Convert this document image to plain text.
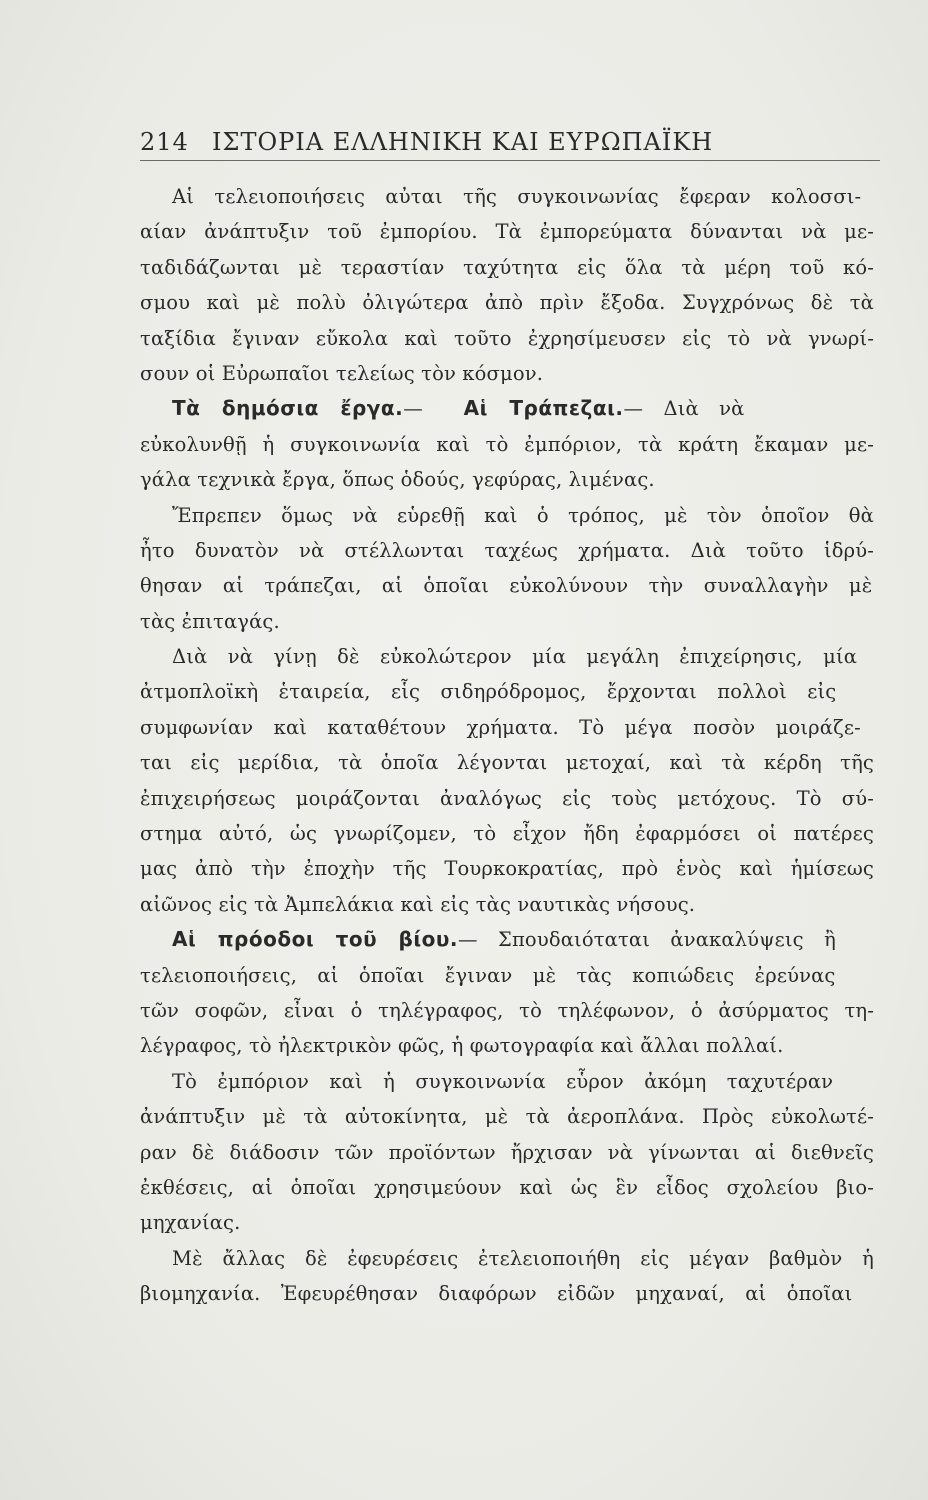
214 ΙΣΤΟΡΙΑ ΕΛΛΗΝΙΚΗ ΚΑΙ ΕΥΡΩΠΑΪΚΗ
Αἱ τελειοποιήσεις αὐται τῆς συγκοινωνίας ἔφεραν κολοσσι-
αίαν ἀνάπτυξιν τοῦ ἐμπορίου. Τὰ ἐμπορεύματα δύνανται νὰ με-
ταδιδάζωνται μὲ τεραστίαν ταχύτητα εἰς ὅλα τὰ μέρη τοῦ κό-
σμου καὶ μὲ πολὺ ὀλιγώτερα ἀπὸ πρὶν ἔξοδα. Συγχρόνως δὲ τὰ
ταξίδια ἔγιναν εὔκολα καὶ τοῦτο ἐχρησίμευσεν εἰς τὸ νὰ γνωρί-
σουν οἱ Εὐρωπαῖοι τελείως τὸν κόσμον.
Τὰ δημόσια ἔργα.— Αἱ Τράπεζαι.— Διὰ νὰ
εὐκολυνθῇ ἡ συγκοινωνία καὶ τὸ ἐμπόριον, τὰ κράτη ἔκαμαν με-
γάλα τεχνικὰ ἔργα, ὅπως ὁδούς, γεφύρας, λιμένας.
Ἔπρεπεν ὅμως νὰ εὑρεθῇ καὶ ὁ τρόπος, μὲ τὸν ὁποῖον θὰ
ἦτο δυνατὸν νὰ στέλλωνται ταχέως χρήματα. Διὰ τοῦτο ἱδρύ-
θησαν αἱ τράπεζαι, αἱ ὁποῖαι εὐκολύνουν τὴν συναλλαγὴν μὲ
τὰς ἐπιταγάς.
Διὰ νὰ γίνῃ δὲ εὐκολώτερον μία μεγάλη ἐπιχείρησις, μία
ἀτμοπλοϊκὴ ἑταιρεία, εἷς σιδηρόδρομος, ἔρχονται πολλοὶ εἰς
συμφωνίαν καὶ καταθέτουν χρήματα. Τὸ μέγα ποσὸν μοιράζε-
ται εἰς μερίδια, τὰ ὁποῖα λέγονται μετοχαί, καὶ τὰ κέρδη τῆς
ἐπιχειρήσεως μοιράζονται ἀναλόγως εἰς τοὺς μετόχους. Τὸ σύ-
στημα αὐτό, ὡς γνωρίζομεν, τὸ εἶχον ἤδη ἐφαρμόσει οἱ πατέρες
μας ἀπὸ τὴν ἐποχὴν τῆς Τουρκοκρατίας, πρὸ ἑνὸς καὶ ἡμίσεως
αἰῶνος εἰς τὰ Ἀμπελάκια καὶ εἰς τὰς ναυτικὰς νήσους.
Αἱ πρόοδοι τοῦ βίου.— Σπουδαιόταται ἀνακαλύψεις ἢ
τελειοποιήσεις, αἱ ὁποῖαι ἔγιναν μὲ τὰς κοπιώδεις ἐρεύνας
τῶν σοφῶν, εἶναι ὁ τηλέγραφος, τὸ τηλέφωνον, ὁ ἀσύρματος τη-
λέγραφος, τὸ ἠλεκτρικὸν φῶς, ἡ φωτογραφία καὶ ἄλλαι πολλαί.
Τὸ ἐμπόριον καὶ ἡ συγκοινωνία εὗρον ἀκόμη ταχυτέραν
ἀνάπτυξιν μὲ τὰ αὐτοκίνητα, μὲ τὰ ἀεροπλάνα. Πρὸς εὐκολωτέ-
ραν δὲ διάδοσιν τῶν προϊόντων ἤρχισαν νὰ γίνωνται αἱ διεθνεῖς
ἐκθέσεις, αἱ ὁποῖαι χρησιμεύουν καὶ ὡς ἓν εἶδος σχολείου βιο-
μηχανίας.
Μὲ ἄλλας δὲ ἐφευρέσεις ἐτελειοποιήθη εἰς μέγαν βαθμὸν ἡ
βιομηχανία. Ἐφευρέθησαν διαφόρων εἰδῶν μηχαναί, αἱ ὁποῖαι
